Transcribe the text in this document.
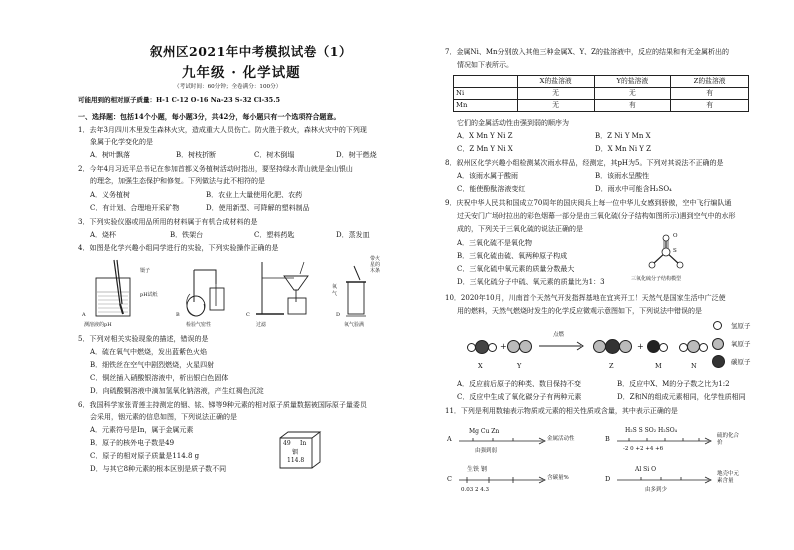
叙州区2021年中考模拟试卷（1）
九年级 · 化学试题
（考试时间：60分钟；全卷满分：100分）
可能用到的相对原子质量：H-1 C-12 O-16 Na-23 S-32 Cl-35.5
一、选择题：包括14个小题，每小题3分，共42分，每小题只有一个选项符合题意。
1．去年3月四川木里发生森林火灾，造成重大人员伤亡。防火胜于救火，森林火灾中的下列现
象属于化学变化的是
A．树叶飘落	B．树枝折断	C．树木倒塌	D．树干燃烧
2．今年4月习近平总书记在参加首都义务植树活动时指出，要坚持绿水青山就是金山银山
的理念，加强生态保护和修复。下列做法与此不相符的是
A．义务植树	B．农业上大量使用化肥、农药
C．有计划、合理地开采矿物	D．使用新型、可降解的塑料制品
3．下列实验仪器或用品所用的材料属于有机合成材料的是
A．烧杯	B．铁架台	C．塑料药匙	D．蒸发皿
4．如图是化学兴趣小组同学进行的实验，下列实验操作正确的是
镊子
pH试纸
A
测溶液的pH
B
检验气密性
C
过滤
带火
星的
木条
氧
气
D
氧气验满
5．下列对相关实验现象的描述，错误的是
A．硫在氧气中燃烧，发出蓝紫色火焰
B．细铁丝在空气中剧烈燃烧，火星四射
C．铜丝插入硝酸银溶液中，析出银白色固体
D．向硫酸铜溶液中滴加氢氧化钠溶液，产生红褐色沉淀
6．我国科学家张青莲主持测定的铟、铱、锑等9种元素的相对原子质量数据被国际原子量委员
会采用，铟元素的信息如图，下列说法正确的是
A．元素符号是In，属于金属元素
B．原子的核外电子数是49
C．原子的相对原子质量是114.8 g
D．与其它8种元素的根本区别是质子数不同
49 In
铟
114.8
7．金属Ni、Mn分别放入其他三种金属X、Y、Z的盐溶液中，反应的结果和有无金属析出的
情况如下表所示。
	X的盐溶液	Y的盐溶液	Z的盐溶液
Ni	无	无	有
Mn	无	有	有
它们的金属活动性由强到弱的顺序为
A．X Mn Y Ni Z	B．Z Ni Y Mn X
C．Z Mn Y Ni X	D．X Mn Ni Y Z
8．叙州区化学兴趣小组检测某次雨水样品，经测定，其pH为5。下列对其说法不正确的是
A．该雨水属于酸雨	B．该雨水呈酸性
C．能使酚酞溶液变红	D．雨水中可能含H₂SO₄
9．庆祝中华人民共和国成立70周年的国庆阅兵上每一位中华儿女感到骄傲，空中飞行编队通
过天安门广场时拉出的彩色烟幕一部分是由三氧化硫(分子结构如图所示)遇到空气中的水形
成的，下列关于三氧化硫的说法正确的是
A．三氧化硫不是氧化物
B．三氧化硫由硫、氧两种原子构成
C．三氧化硫中氧元素的质量分数最大
D．三氧化硫分子中硫、氧元素的质量比为1：3
S
O
三氧化硫分子结构模型
10．2020年10月，川南首个天然气开发指挥基地在宜宾开工！天然气是国家生活中广泛使
用的燃料，天然气燃烧时发生的化学反应微观示意图如下，下列说法中错误的是
+
点燃
+
X	Y	Z	M	N
氢原子
氧原子
碳原子
A．反应前后原子的种类、数目保持不变	B．反应中X、M的分子数之比为1:2
C．反应中生成了氧化碳分子有两种元素	D．Z和N的组成元素相同，化学性质相同
11．下列是利用数轴表示物质或元素的相关性质或含量，其中表示正确的是
A
Mg Cu Zn
金属活动性
由强到弱
B
H₂S S SO₂ H₂SO₄
硫的化合价
-2 0 +2 +4 +6
C
生铁 钢
含碳量%
0.03 2 4.3
D
Al Si O
地壳中元素含量
由多到少
